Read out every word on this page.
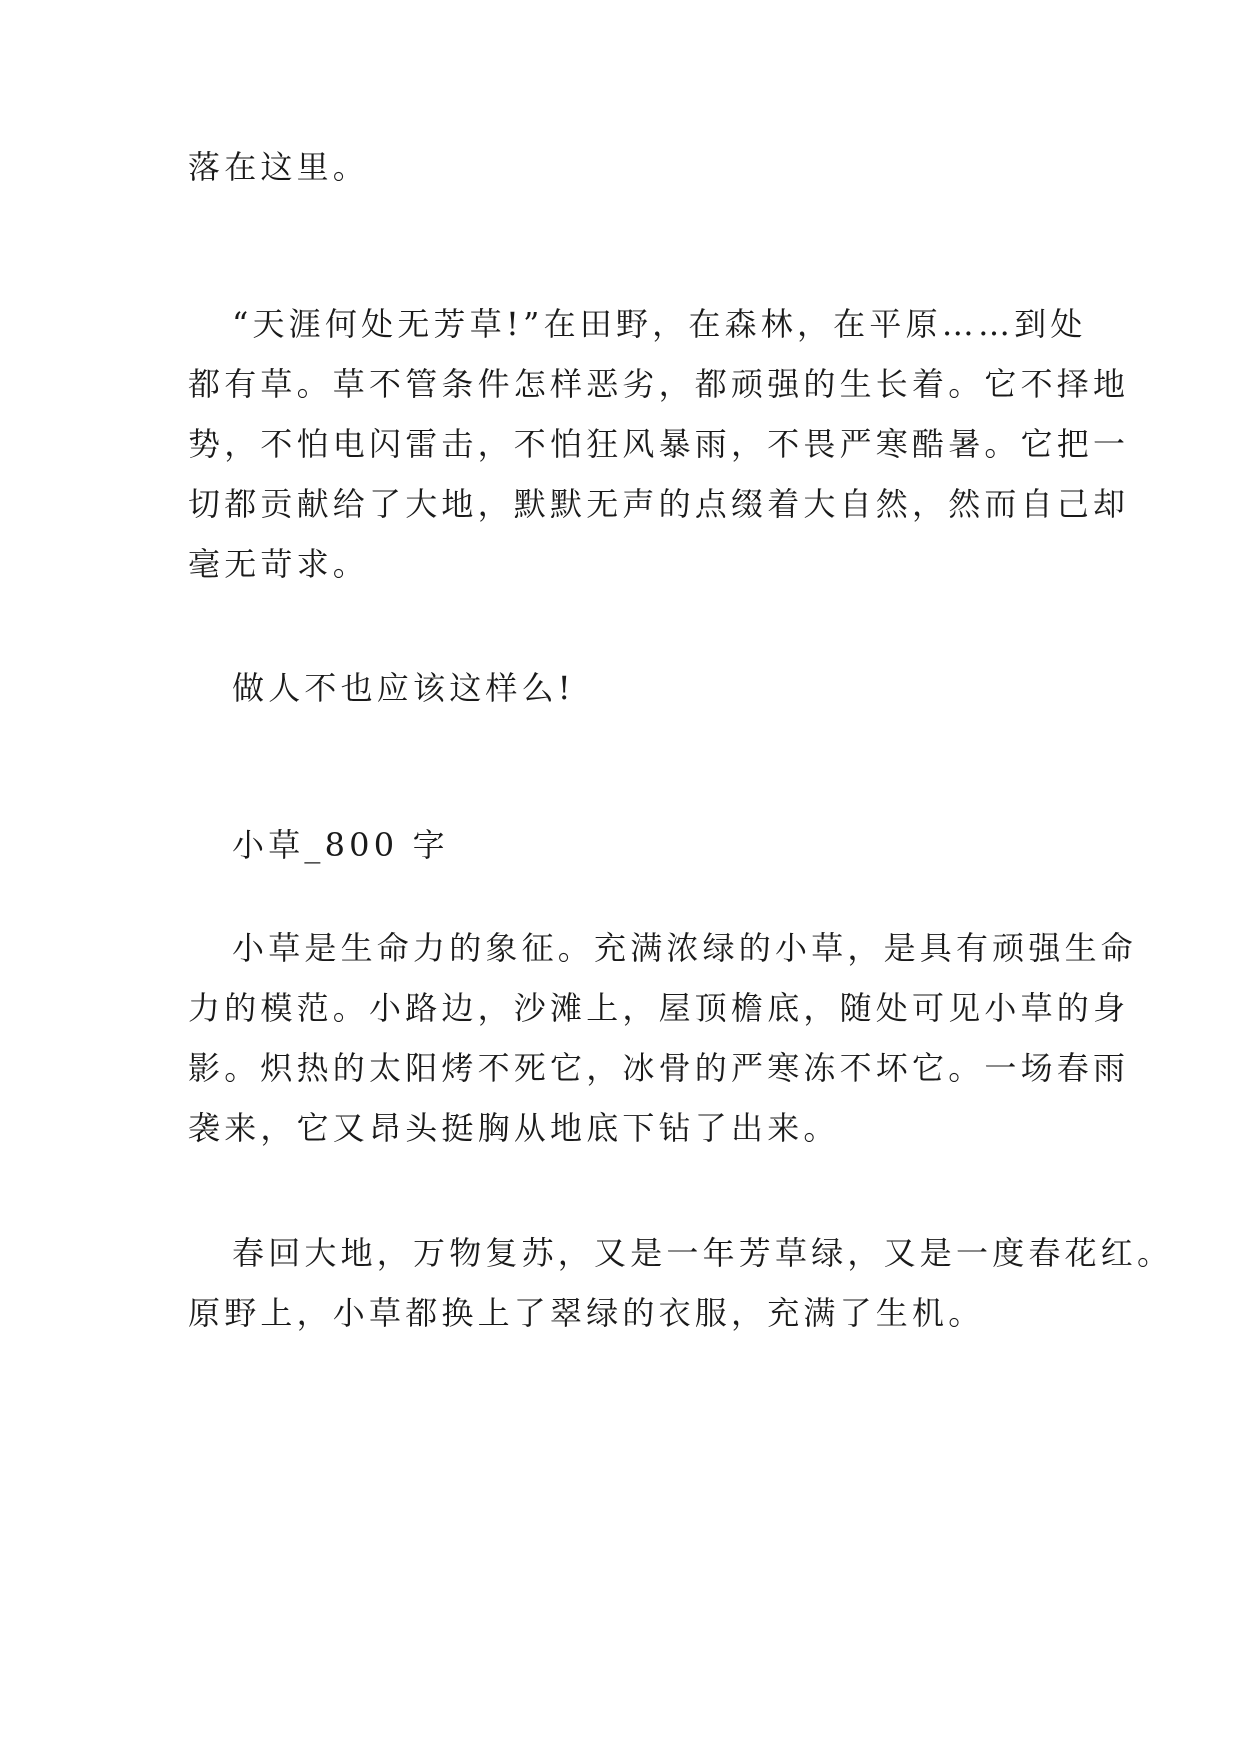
落在这里。

“天涯何处无芳草!”在田野，在森林，在平原……到处
都有草。草不管条件怎样恶劣，都顽强的生长着。它不择地
势，不怕电闪雷击，不怕狂风暴雨，不畏严寒酷暑。它把一
切都贡献给了大地，默默无声的点缀着大自然，然而自己却
毫无苛求。

做人不也应该这样么!

小草_800 字

小草是生命力的象征。充满浓绿的小草，是具有顽强生命
力的模范。小路边，沙滩上，屋顶檐底，随处可见小草的身
影。炽热的太阳烤不死它，冰骨的严寒冻不坏它。一场春雨
袭来，它又昂头挺胸从地底下钻了出来。

春回大地，万物复苏，又是一年芳草绿，又是一度春花红。
原野上，小草都换上了翠绿的衣服，充满了生机。
